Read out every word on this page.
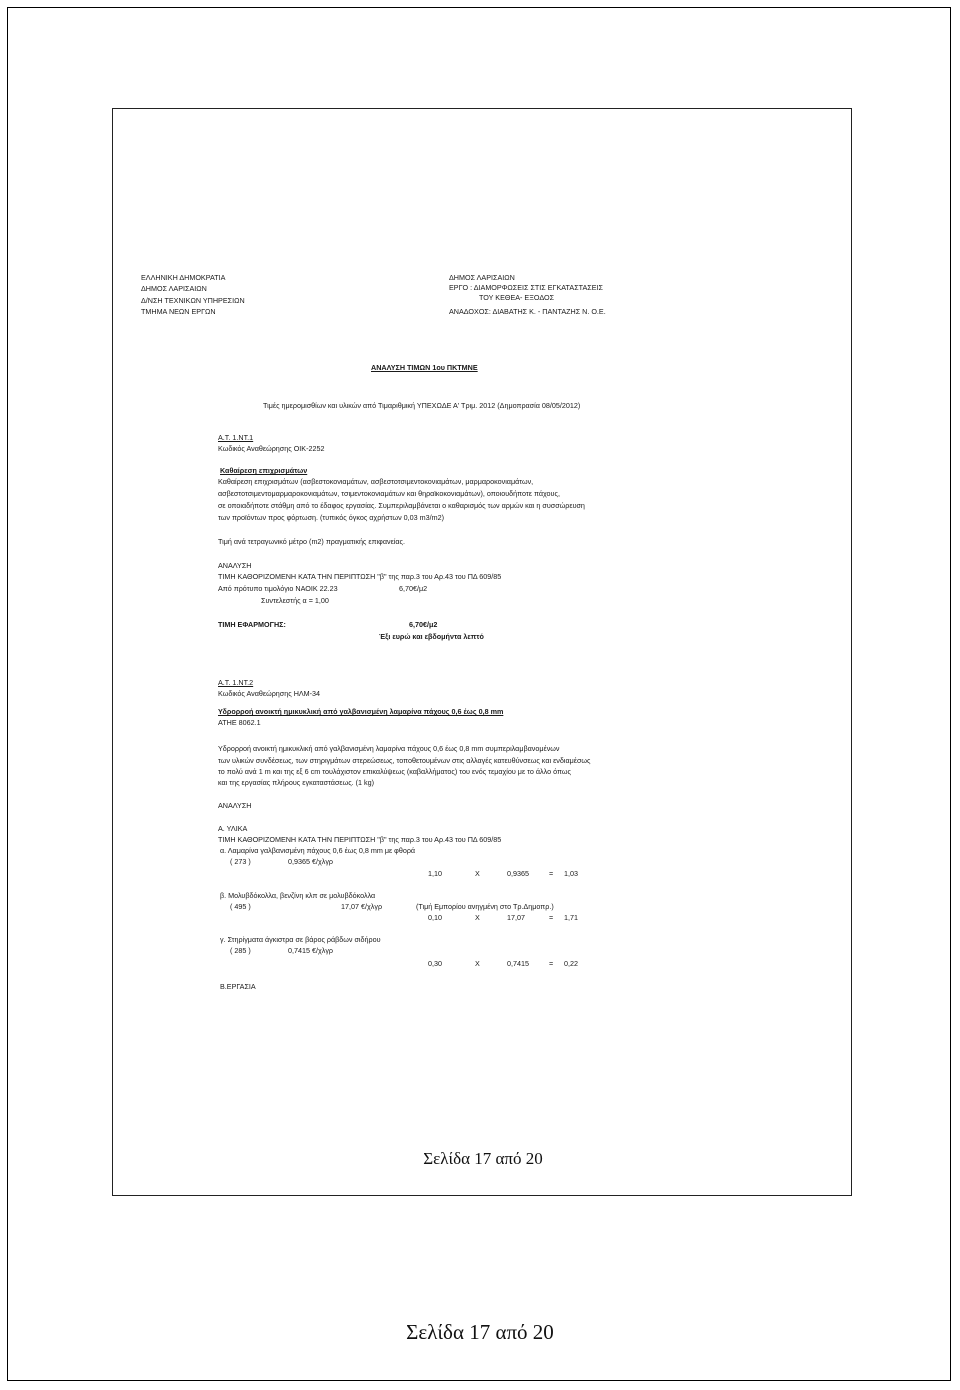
ΕΛΛΗΝΙΚΗ ΔΗΜΟΚΡΑΤΙΑ
ΔΗΜΟΣ ΛΑΡΙΣΑΙΩΝ
Δ/ΝΣΗ ΤΕΧΝΙΚΩΝ ΥΠΗΡΕΣΙΩΝ
ΤΜΗΜΑ ΝΕΩΝ ΕΡΓΩΝ
ΔΗΜΟΣ ΛΑΡΙΣΑΙΩΝ
ΕΡΓΟ : ΔΙΑΜΟΡΦΩΣΕΙΣ ΣΤΙΣ ΕΓΚΑΤΑΣΤΑΣΕΙΣ
ΤΟΥ ΚΕΘΕΑ- ΕΞΟΔΟΣ
ΑΝΑΔΟΧΟΣ: ΔΙΑΒΑΤΗΣ Κ. - ΠΑΝΤΑΖΗΣ Ν. Ο.Ε.
ΑΝΑΛΥΣΗ ΤΙΜΩΝ 1ου ΠΚΤΜΝΕ
Τιμές ημερομισθίων και υλικών από Τιμαριθμική ΥΠΕΧΩΔΕ Α' Τριμ. 2012 (Δημοπρασία 08/05/2012)
Α.Τ. 1.ΝΤ.1
Κωδικός Αναθεώρησης ΟΙΚ-2252
Καθαίρεση επιχρισμάτων
Καθαίρεση επιχρισμάτων (ασβεστοκονιαμάτων, ασβεστοτσιμεντοκονιαμάτων, μαρμαροκονιαμάτων,
ασβεστοτσιμεντομαρμαροκονιαμάτων, τσιμεντοκονιαμάτων και θηραϊκοκονιαμάτων), οποιουδήποτε πάχους,
σε οποιαδήποτε στάθμη από το έδαφος εργασίας. Συμπεριλαμβάνεται ο καθαρισμός των αρμών και η συσσώρευση
των προϊόντων προς φόρτωση. (τυπικός όγκος αχρήστων 0,03 m3/m2)
Τιμή ανά τετραγωνικό μέτρο (m2) πραγματικής επιφανείας.
ΑΝΑΛΥΣΗ
ΤΙΜΗ ΚΑΘΟΡΙΖΟΜΕΝΗ ΚΑΤΑ ΤΗΝ ΠΕΡΙΠΤΩΣΗ "β" της παρ.3 του Αρ.43 του ΠΔ 609/85
Από πρότυπο τιμολόγιο ΝΑΟΙΚ 22.23	6,70€/μ2
Συντελεστής α = 1,00
ΤΙΜΗ ΕΦΑΡΜΟΓΗΣ:	6,70€/μ2
Έξι ευρώ και εβδομήντα λεπτό
Α.Τ. 1.ΝΤ.2
Κωδικός Αναθεώρησης ΗΛΜ-34
Υδρορροή ανοικτή ημικυκλική από γαλβανισμένη λαμαρίνα πάχους 0,6 έως 0,8 mm
ΑΤΗΕ 8062.1
Υδρορροή ανοικτή ημικυκλική από γαλβανισμένη λαμαρίνα πάχους 0,6 έως 0,8 mm συμπεριλαμβανομένων
των υλικών συνδέσεως, των στηριγμάτων στερεώσεως, τοποθετουμένων στις αλλαγές κατευθύνσεως και ενδιαμέσως
το πολύ ανά 1 m και της εξ 6 cm τουλάχιστον επικαλύψεως (καβαλλήματος) του ενός τεμαχίου με το άλλο όπως
και της εργασίας πλήρους εγκαταστάσεως. (1 kg)
ΑΝΑΛΥΣΗ
Α. ΥΛΙΚΑ
ΤΙΜΗ ΚΑΘΟΡΙΖΟΜΕΝΗ ΚΑΤΑ ΤΗΝ ΠΕΡΙΠΤΩΣΗ "β" της παρ.3 του Αρ.43 του ΠΔ 609/85
α. Λαμαρίνα γαλβανισμένη πάχους 0,6 έως 0,8 mm με φθορά
( 273 )	0,9365 €/χλγρ
1,10	X	0,9365	= 1,03
β. Μολυβδόκολλα, βενζίνη κλπ σε μολυβδόκολλα
( 495 )	17,07 €/χλγρ	(Τιμή Εμπορίου ανηγμένη στο Τρ.Δημοπρ.)
0,10	X	17,07	= 1,71
γ. Στηρίγματα άγκιστρα σε βάρος ράβδων σιδήρου
( 285 )	0,7415 €/χλγρ
0,30	X	0,7415	= 0,22
Β.ΕΡΓΑΣΙΑ
Σελίδα 17 από 20
Σελίδα 17 από 20
